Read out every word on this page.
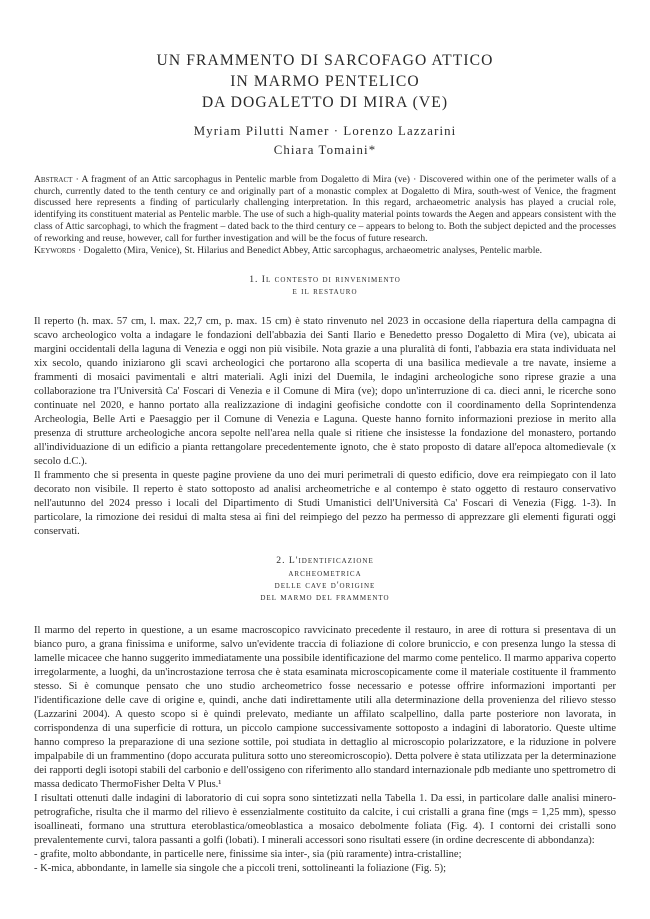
UN FRAMMENTO DI SARCOFAGO ATTICO
IN MARMO PENTELICO
DA DOGALETTO DI MIRA (VE)
Myriam Pilutti Namer · Lorenzo Lazzarini
Chiara Tomaini*
Abstract · A fragment of an Attic sarcophagus in Pentelic marble from Dogaletto di Mira (ve) · Discovered within one of the perimeter walls of a church, currently dated to the tenth century ce and originally part of a monastic complex at Dogaletto di Mira, south-west of Venice, the fragment discussed here represents a finding of particularly challenging interpretation. In this regard, archaeometric analysis has played a crucial role, identifying its constituent material as Pentelic marble. The use of such a high-quality material points towards the Aegen and appears consistent with the class of Attic sarcophagi, to which the fragment – dated back to the third century ce – appears to belong to. Both the subject depicted and the processes of reworking and reuse, however, call for further investigation and will be the focus of future research.
Keywords · Dogaletto (Mira, Venice), St. Hilarius and Benedict Abbey, Attic sarcophagus, archaeometric analyses, Pentelic marble.
1. Il contesto di rinvenimento
e il restauro

Il reperto (h. max. 57 cm, l. max. 22,7 cm, p. max. 15 cm) è stato rinvenuto nel 2023 in occasione della riapertura della campagna di scavo archeologico volta a indagare le fondazioni dell'abbazia dei Santi Ilario e Benedetto presso Dogaletto di Mira (ve), ubicata ai margini occidentali della laguna di Venezia e oggi non più visibile. Nota grazie a una pluralità di fonti, l'abbazia era stata individuata nel xix secolo, quando iniziarono gli scavi archeologici che portarono alla scoperta di una basilica medievale a tre navate, insieme a frammenti di mosaici pavimentali e altri materiali. Agli inizi del Duemila, le indagini archeologiche sono riprese grazie a una collaborazione tra l'Università Ca' Foscari di Venezia e il Comune di Mira (ve); dopo un'interruzione di ca. dieci anni, le ricerche sono continuate nel 2020, e hanno portato alla realizzazione di indagini geofisiche condotte con il coordinamento della Soprintendenza Archeologia, Belle Arti e Paesaggio per il Comune di Venezia e Laguna. Queste hanno fornito informazioni preziose in merito alla presenza di strutture archeologiche ancora sepolte nell'area nella quale si ritiene che insistesse la fondazione del monastero, portando all'individuazione di un edificio a pianta rettangolare precedentemente ignoto, che è stato proposto di datare all'epoca altomedievale (x secolo d.C.).

Il frammento che si presenta in queste pagine proviene da uno dei muri perimetrali di questo edificio, dove era reimpiegato con il lato decorato non visibile. Il reperto è stato sottoposto ad analisi archeometriche e al contempo è stato oggetto di restauro conservativo nell'autunno del 2024 presso i locali del Dipartimento di Studi Umanistici dell'Università Ca' Foscari di Venezia (Figg. 1-3). In particolare, la rimozione dei residui di malta stesa ai fini del reimpiego del pezzo ha permesso di apprezzare gli elementi figurati oggi conservati.

2. L'identificazione
archeometrica
delle cave d'origine
del marmo del frammento

Il marmo del reperto in questione, a un esame macroscopico ravvicinato precedente il restauro, in aree di rottura si presentava di un bianco puro, a grana finissima e uniforme, salvo un'evidente traccia di foliazione di colore bruniccio, e con presenza lungo la stessa di lamelle micacee che hanno suggerito immediatamente una possibile identificazione del marmo come pentelico. Il marmo appariva coperto irregolarmente, a luoghi, da un'incrostazione terrosa che è stata esaminata microscopicamente come il materiale costituente il frammento stesso. Si è comunque pensato che uno studio archeometrico fosse necessario e potesse offrire informazioni importanti per l'identificazione delle cave di origine e, quindi, anche dati indirettamente utili alla determinazione della provenienza del rilievo stesso (Lazzarini 2004). A questo scopo si è quindi prelevato, mediante un affilato scalpellino, dalla parte posteriore non lavorata, in corrispondenza di una superficie di rottura, un piccolo campione successivamente sottoposto a indagini di laboratorio. Queste ultime hanno compreso la preparazione di una sezione sottile, poi studiata in dettaglio al microscopio polarizzatore, e la riduzione in polvere impalpabile di un frammentino (dopo accurata pulitura sotto uno stereomicroscopio). Detta polvere è stata utilizzata per la determinazione dei rapporti degli isotopi stabili del carbonio e dell'ossigeno con riferimento allo standard internazionale pdb mediante uno spettrometro di massa dedicato ThermoFisher Delta V Plus.¹

I risultati ottenuti dalle indagini di laboratorio di cui sopra sono sintetizzati nella Tabella 1. Da essi, in particolare dalle analisi minero-petrografiche, risulta che il marmo del rilievo è essenzialmente costituito da calcite, i cui cristalli a grana fine (mgs = 1,25 mm), spesso isoallineati, formano una struttura eteroblastica/omeoblastica a mosaico debolmente foliata (Fig. 4). I contorni dei cristalli sono prevalentemente curvi, talora passanti a golfi (lobati). I minerali accessori sono risultati essere (in ordine decrescente di abbondanza):

- grafite, molto abbondante, in particelle nere, finissime sia inter-, sia (più raramente) intra-cristalline;
- K-mica, abbondante, in lamelle sia singole che a piccoli treni, sottolineanti la foliazione (Fig. 5);
